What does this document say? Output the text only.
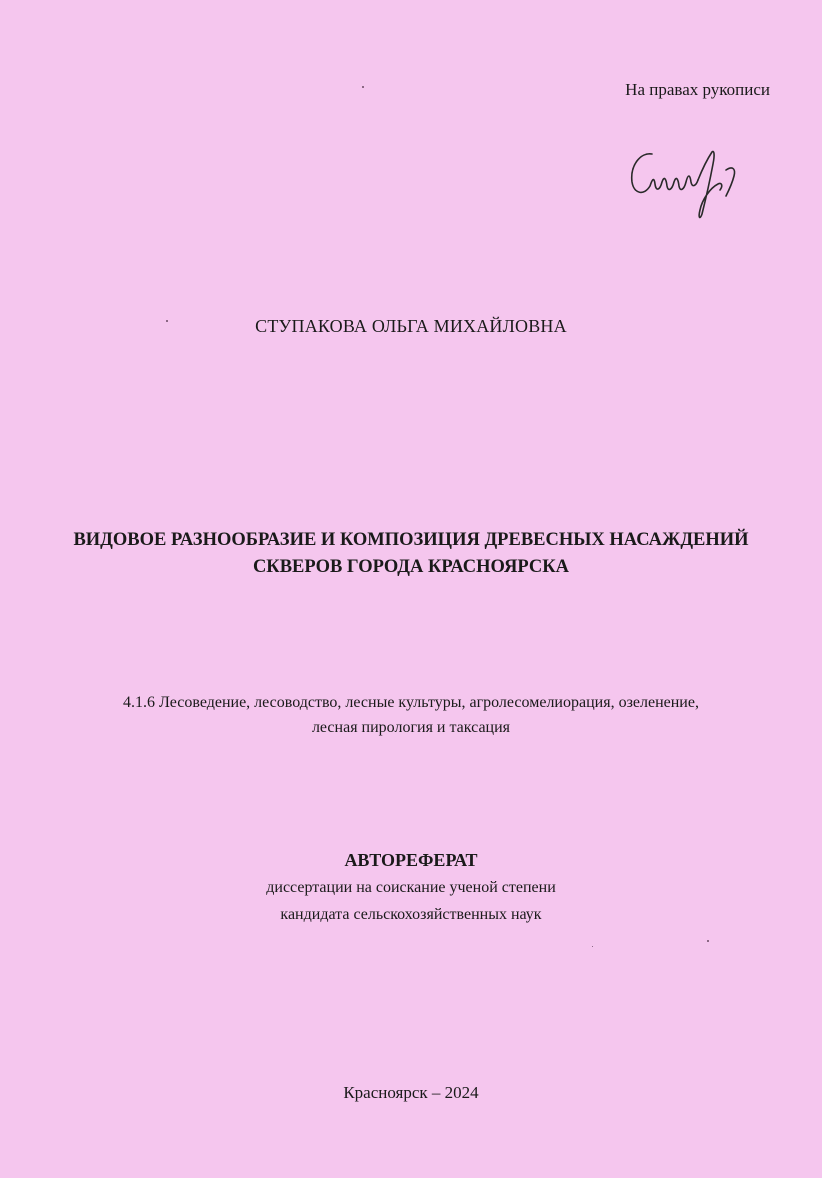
На правах рукописи
СТУПАКОВА ОЛЬГА МИХАЙЛОВНА
ВИДОВОЕ РАЗНООБРАЗИЕ И КОМПОЗИЦИЯ ДРЕВЕСНЫХ НАСАЖДЕНИЙ
СКВЕРОВ ГОРОДА КРАСНОЯРСКА
4.1.6 Лесоведение, лесоводство, лесные культуры, агролесомелиорация, озеленение,
лесная пирология и таксация
АВТОРЕФЕРАТ
диссертации на соискание ученой степени
кандидата сельскохозяйственных наук
Красноярск – 2024
